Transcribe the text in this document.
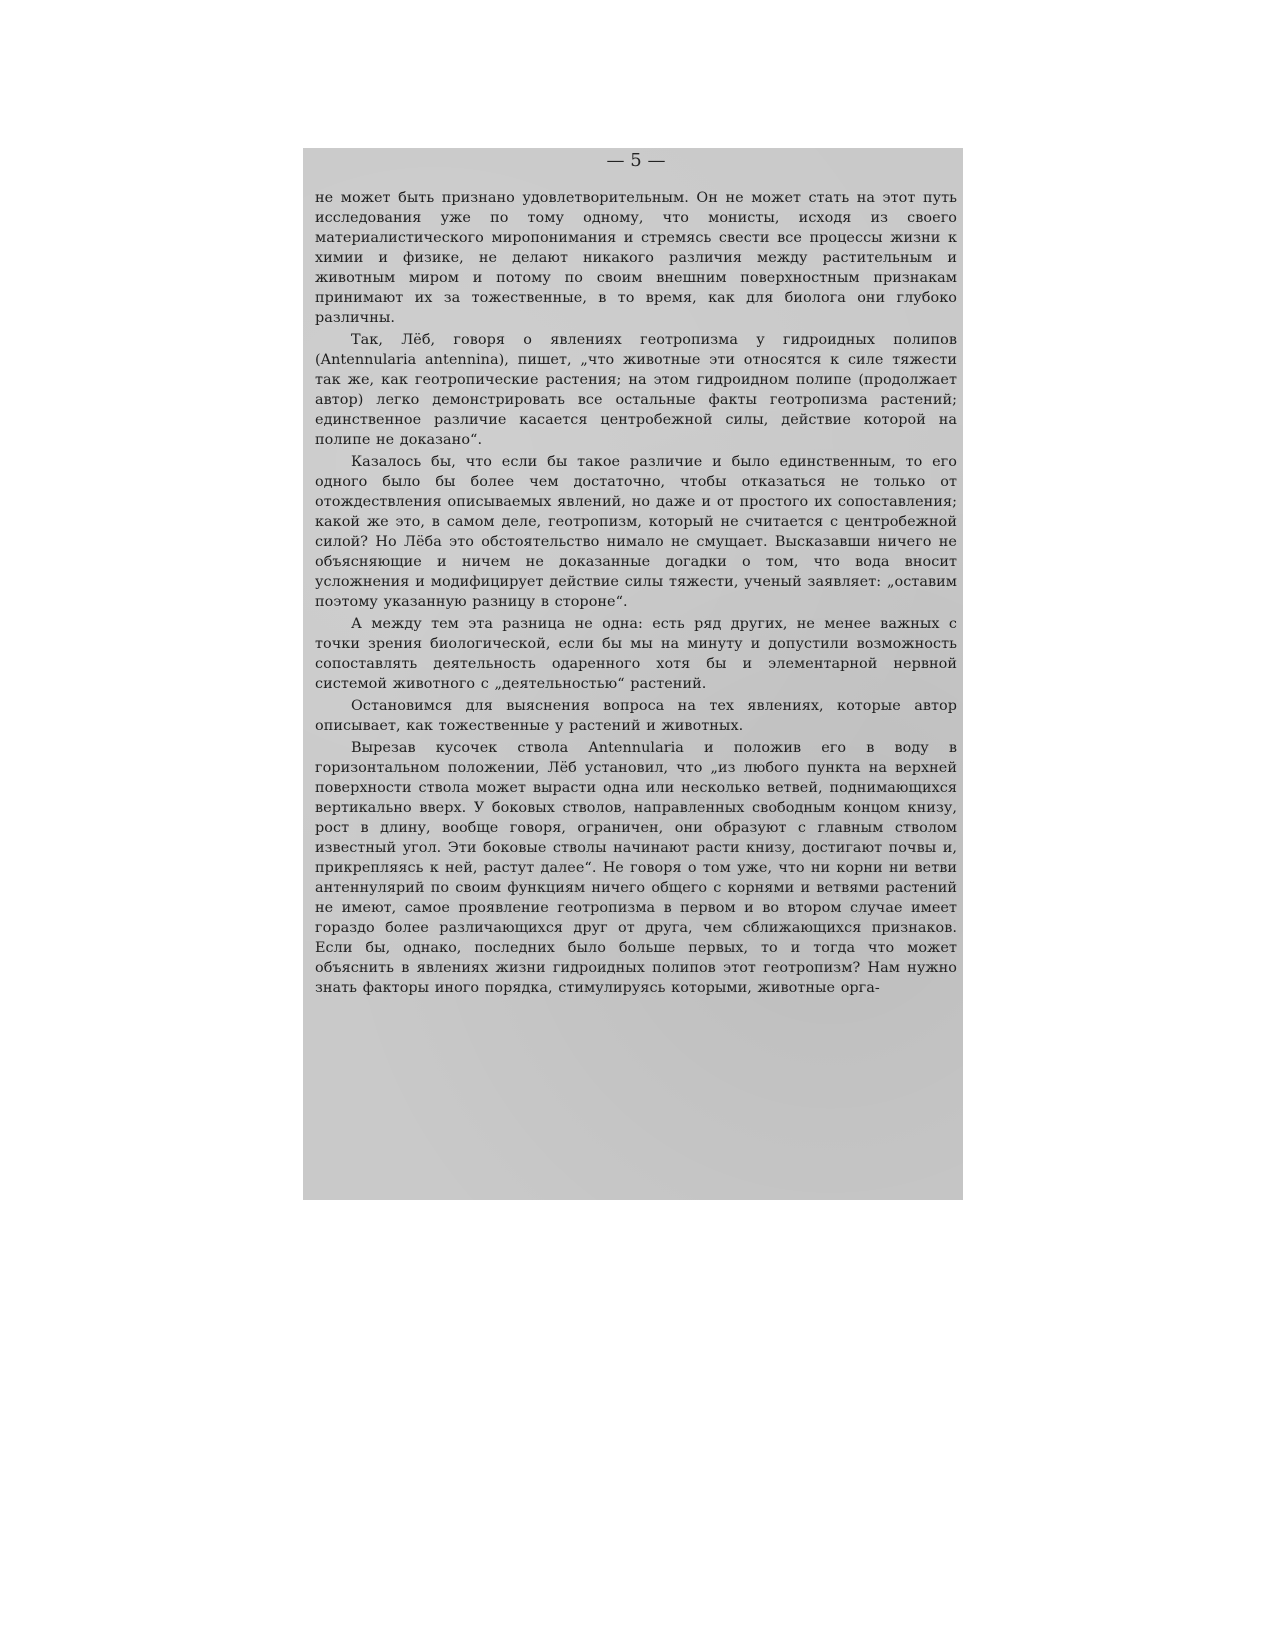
— 5 —

не может быть признано удовлетворительным. Он не может стать на этот путь исследования уже по тому одному, что монисты, исходя из своего материалистического миропонимания и стремясь свести все процессы жизни к химии и физике, не делают никакого различия между растительным и животным миром и потому по своим внешним поверхностным признакам принимают их за тожественные, в то время, как для биолога они глубоко различны.

Так, Лёб, говоря о явлениях геотропизма у гидроидных полипов (Antennularia antennina), пишет, „что животные эти относятся к силе тяжести так же, как геотропические растения; на этом гидроидном полипе (продолжает автор) легко демонстрировать все остальные факты геотропизма растений; единственное различие касается центробежной силы, действие которой на полипе не доказано“.

Казалось бы, что если бы такое различие и было единственным, то его одного было бы более чем достаточно, чтобы отказаться не только от отождествления описываемых явлений, но даже и от простого их сопоставления; какой же это, в самом деле, геотропизм, который не считается с центробежной силой? Но Лёба это обстоятельство нимало не смущает. Высказавши ничего не объясняющие и ничем не доказанные догадки о том, что вода вносит усложнения и модифицирует действие силы тяжести, ученый заявляет: „оставим поэтому указанную разницу в стороне“.

А между тем эта разница не одна: есть ряд других, не менее важных с точки зрения биологической, если бы мы на минуту и допустили возможность сопоставлять деятельность одаренного хотя бы и элементарной нервной системой животного с „деятельностью“ растений.

Остановимся для выяснения вопроса на тех явлениях, которые автор описывает, как тожественные у растений и животных.

Вырезав кусочек ствола Antennularia и положив его в воду в горизонтальном положении, Лёб установил, что „из любого пункта на верхней поверхности ствола может вырасти одна или несколько ветвей, поднимающихся вертикально вверх. У боковых стволов, направленных свободным концом книзу, рост в длину, вообще говоря, ограничен, они образуют с главным стволом известный угол. Эти боковые стволы начинают расти книзу, достигают почвы и, прикрепляясь к ней, растут далее“. Не говоря о том уже, что ни корни ни ветви антеннулярий по своим функциям ничего общего с корнями и ветвями растений не имеют, самое проявление геотропизма в первом и во втором случае имеет гораздо более различающихся друг от друга, чем сближающихся признаков. Если бы, однако, последних было больше первых, то и тогда что может объяснить в явлениях жизни гидроидных полипов этот геотропизм? Нам нужно знать факторы иного порядка, стимулируясь которыми, животные орга-
